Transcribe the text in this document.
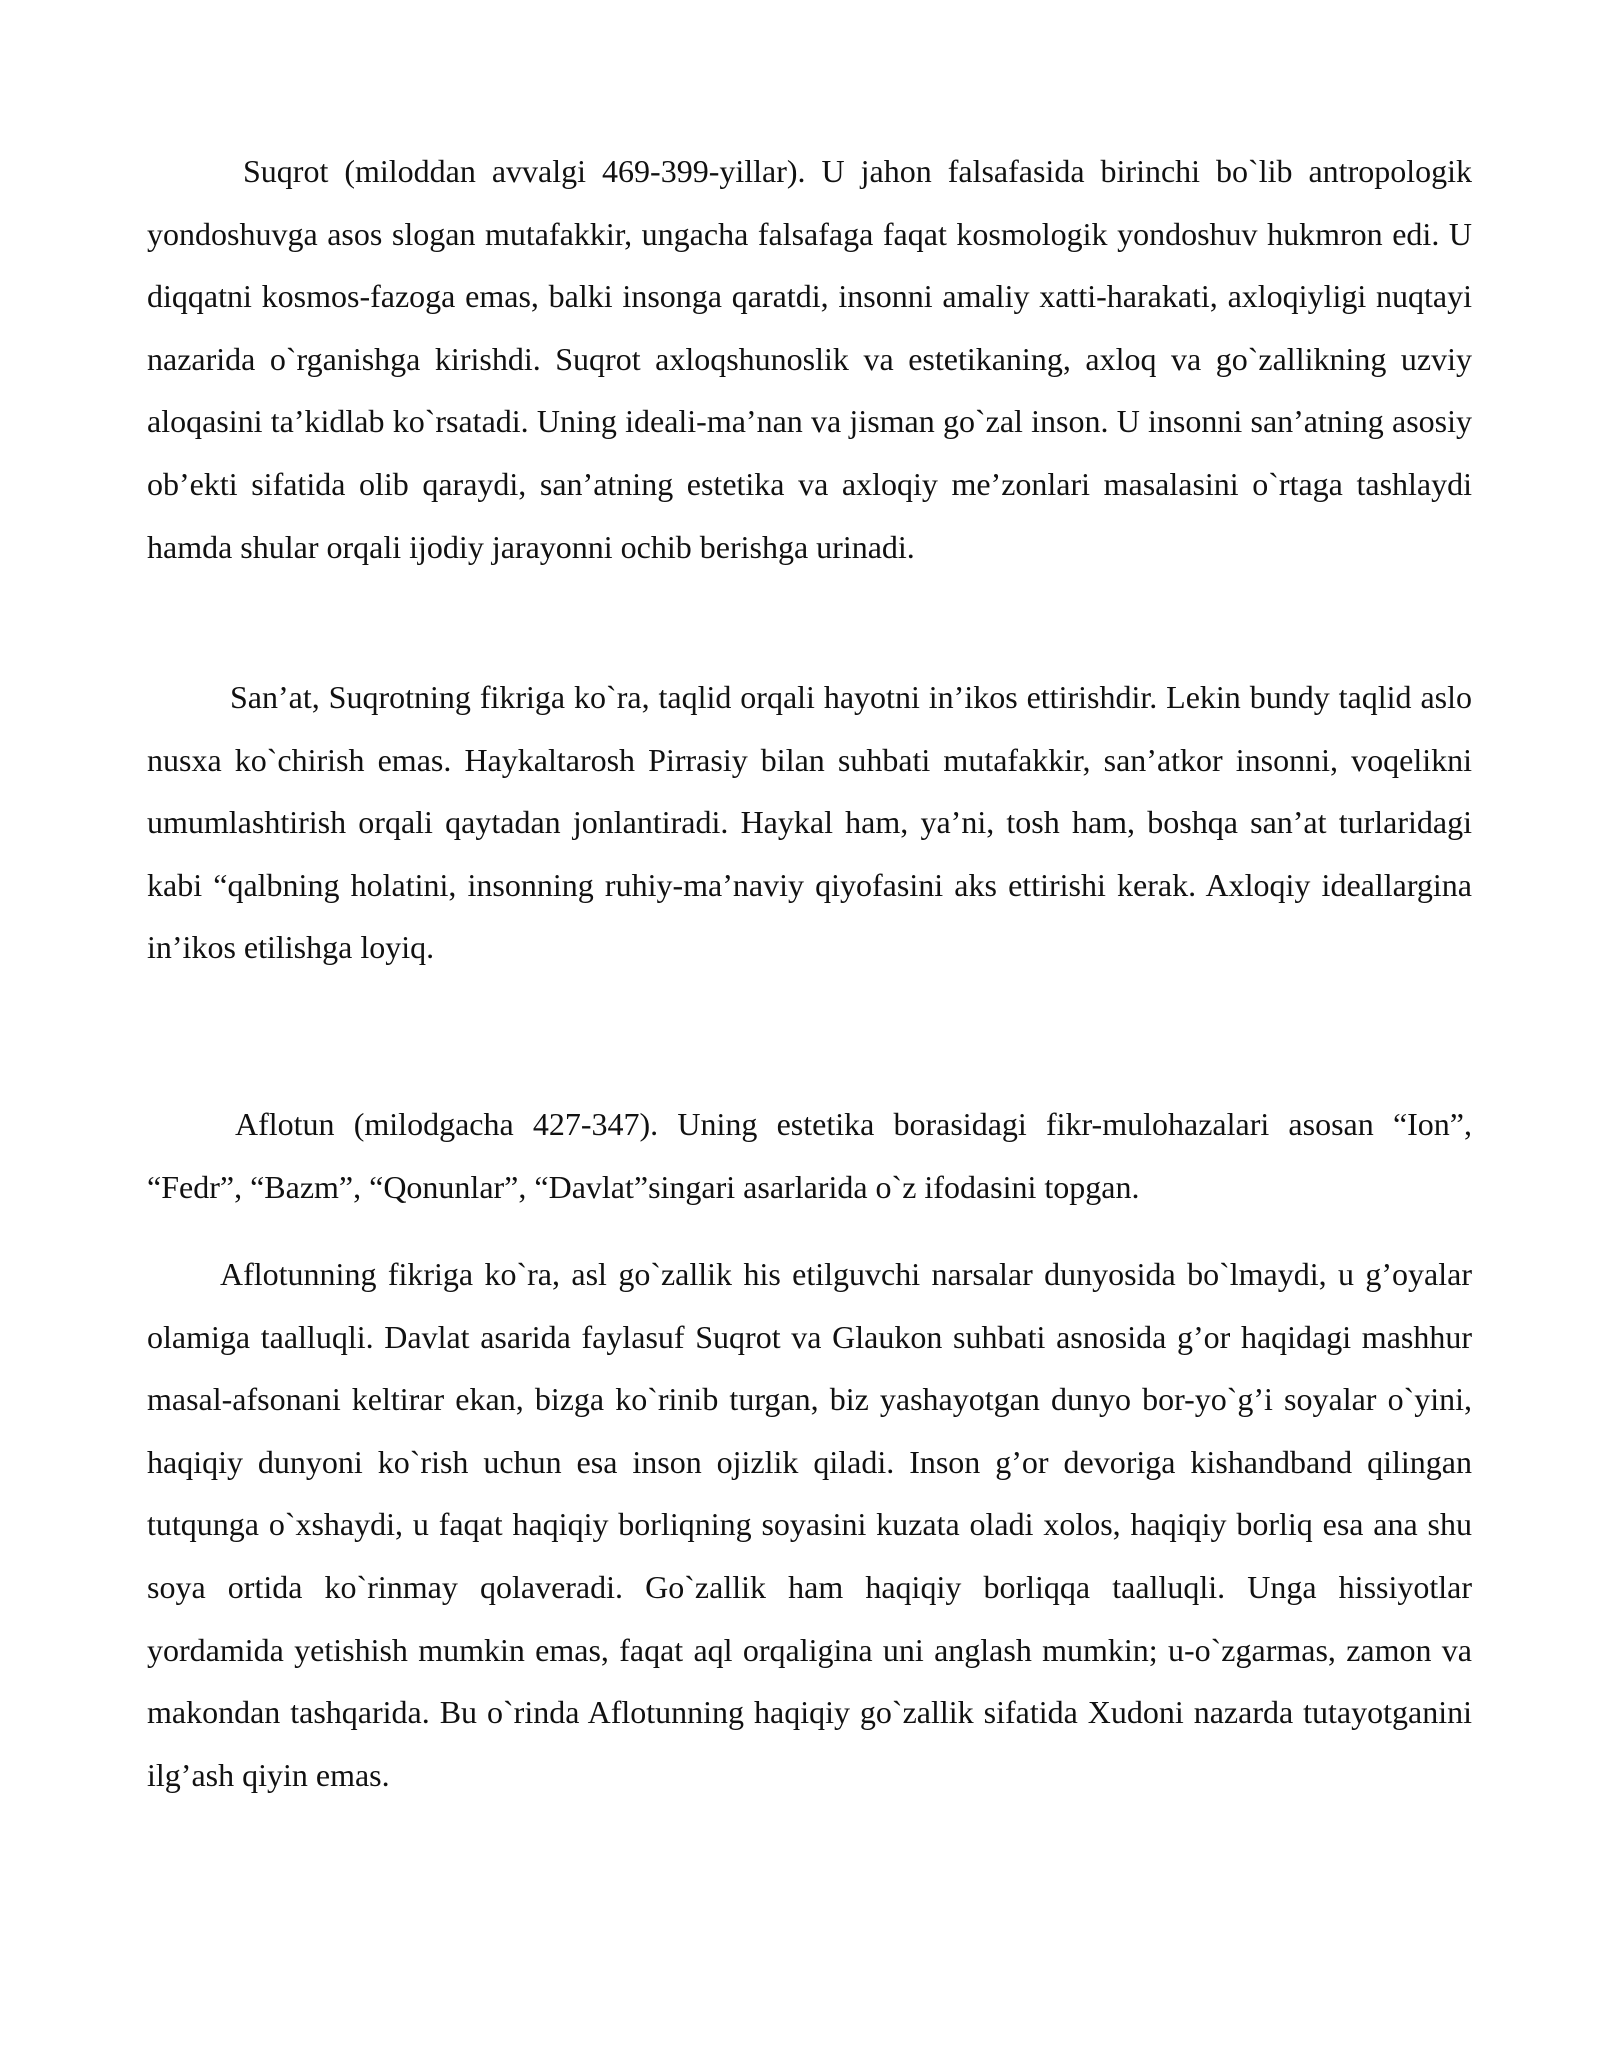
Suqrot (miloddan avvalgi 469-399-yillar). U jahon falsafasida birinchi bo`lib antropologik yondoshuvga asos slogan mutafakkir, ungacha falsafaga faqat kosmologik yondoshuv hukmron edi. U diqqatni kosmos-fazoga emas, balki insonga qaratdi, insonni amaliy xatti-harakati, axloqiyligi nuqtayi nazarida o`rganishga kirishdi. Suqrot axloqshunoslik va estetikaning, axloq va go`zallikning uzviy aloqasini ta’kidlab ko`rsatadi. Uning ideali-ma’nan va jisman go`zal inson. U insonni san’atning asosiy ob’ekti sifatida olib qaraydi, san’atning estetika va axloqiy me’zonlari masalasini o`rtaga tashlaydi hamda shular orqali ijodiy jarayonni ochib berishga urinadi.

San’at, Suqrotning fikriga ko`ra, taqlid orqali hayotni in’ikos ettirishdir. Lekin bundy taqlid aslo nusxa ko`chirish emas. Haykaltarosh Pirrasiy bilan suhbati mutafakkir, san’atkor insonni, voqelikni umumlashtirish orqali qaytadan jonlantiradi. Haykal ham, ya’ni, tosh ham, boshqa san’at turlaridagi kabi “qalbning holatini, insonning ruhiy-ma’naviy qiyofasini aks ettirishi kerak. Axloqiy ideallargina in’ikos etilishga loyiq.

Aflotun (milodgacha 427-347). Uning estetika borasidagi fikr-mulohazalari asosan “Ion”, “Fedr”, “Bazm”, “Qonunlar”, “Davlat”singari asarlarida o`z ifodasini topgan.

Aflotunning fikriga ko`ra, asl go`zallik his etilguvchi narsalar dunyosida bo`lmaydi, u g’oyalar olamiga taalluqli. Davlat asarida faylasuf Suqrot va Glaukon suhbati asnosida g’or haqidagi mashhur masal-afsonani keltirar ekan, bizga ko`rinib turgan, biz yashayotgan dunyo bor-yo`g’i soyalar o`yini, haqiqiy dunyoni ko`rish uchun esa inson ojizlik qiladi. Inson g’or devoriga kishandband qilingan tutqunga o`xshaydi, u faqat haqiqiy borliqning soyasini kuzata oladi xolos, haqiqiy borliq esa ana shu soya ortida ko`rinmay qolaveradi. Go`zallik ham haqiqiy borliqqa taalluqli. Unga hissiyotlar yordamida yetishish mumkin emas, faqat aql orqaligina uni anglash mumkin; u-o`zgarmas, zamon va makondan tashqarida. Bu o`rinda Aflotunning haqiqiy go`zallik sifatida Xudoni nazarda tutayotganini ilg’ash qiyin emas.
